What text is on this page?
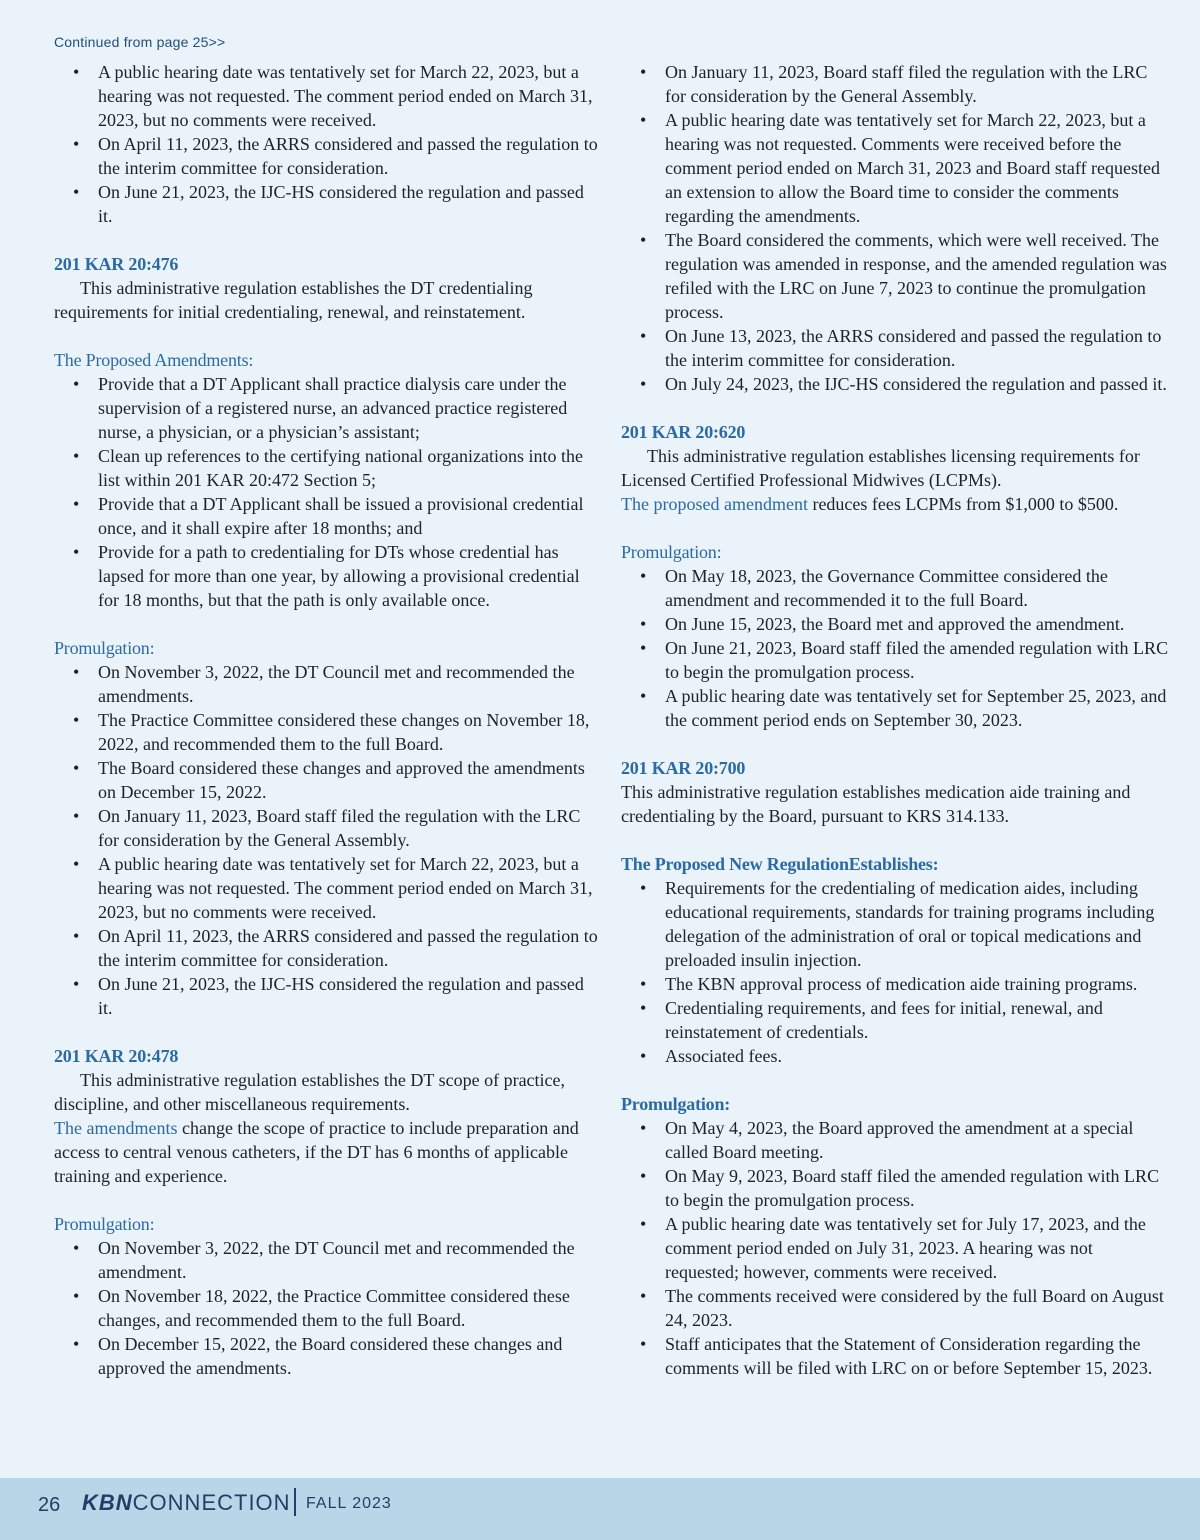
Continued from page 25>>
• A public hearing date was tentatively set for March 22, 2023, but a hearing was not requested. The comment period ended on March 31, 2023, but no comments were received.
• On April 11, 2023, the ARRS considered and passed the regulation to the interim committee for consideration.
• On June 21, 2023, the IJC-HS considered the regulation and passed it.

201 KAR 20:476

This administrative regulation establishes the DT credentialing requirements for initial credentialing, renewal, and reinstatement.

The Proposed Amendments:

• Provide that a DT Applicant shall practice dialysis care under the supervision of a registered nurse, an advanced practice registered nurse, a physician, or a physician’s assistant;
• Clean up references to the certifying national organizations into the list within 201 KAR 20:472 Section 5;
• Provide that a DT Applicant shall be issued a provisional credential once, and it shall expire after 18 months; and
• Provide for a path to credentialing for DTs whose credential has lapsed for more than one year, by allowing a provisional credential for 18 months, but that the path is only available once.

Promulgation:

• On November 3, 2022, the DT Council met and recommended the amendments.
• The Practice Committee considered these changes on November 18, 2022, and recommended them to the full Board.
• The Board considered these changes and approved the amendments on December 15, 2022.
• On January 11, 2023, Board staff filed the regulation with the LRC for consideration by the General Assembly.
• A public hearing date was tentatively set for March 22, 2023, but a hearing was not requested. The comment period ended on March 31, 2023, but no comments were received.
• On April 11, 2023, the ARRS considered and passed the regulation to the interim committee for consideration.
• On June 21, 2023, the IJC-HS considered the regulation and passed it.

201 KAR 20:478

This administrative regulation establishes the DT scope of practice, discipline, and other miscellaneous requirements.

The amendments change the scope of practice to include preparation and access to central venous catheters, if the DT has 6 months of applicable training and experience.

Promulgation:

• On November 3, 2022, the DT Council met and recommended the amendment.
• On November 18, 2022, the Practice Committee considered these changes, and recommended them to the full Board.
• On December 15, 2022, the Board considered these changes and approved the amendments.
• On January 11, 2023, Board staff filed the regulation with the LRC for consideration by the General Assembly.
• A public hearing date was tentatively set for March 22, 2023, but a hearing was not requested. Comments were received before the comment period ended on March 31, 2023 and Board staff requested an extension to allow the Board time to consider the comments regarding the amendments.
• The Board considered the comments, which were well received. The regulation was amended in response, and the amended regulation was refiled with the LRC on June 7, 2023 to continue the promulgation process.
• On June 13, 2023, the ARRS considered and passed the regulation to the interim committee for consideration.
• On July 24, 2023, the IJC-HS considered the regulation and passed it.

201 KAR 20:620

This administrative regulation establishes licensing requirements for Licensed Certified Professional Midwives (LCPMs).

The proposed amendment reduces fees LCPMs from $1,000 to $500.

Promulgation:

• On May 18, 2023, the Governance Committee considered the amendment and recommended it to the full Board.
• On June 15, 2023, the Board met and approved the amendment.
• On June 21, 2023, Board staff filed the amended regulation with LRC to begin the promulgation process.
• A public hearing date was tentatively set for September 25, 2023, and the comment period ends on September 30, 2023.

201 KAR 20:700

This administrative regulation establishes medication aide training and credentialing by the Board, pursuant to KRS 314.133.

The Proposed New RegulationEstablishes:

• Requirements for the credentialing of medication aides, including educational requirements, standards for training programs including delegation of the administration of oral or topical medications and preloaded insulin injection.
• The KBN approval process of medication aide training programs.
• Credentialing requirements, and fees for initial, renewal, and reinstatement of credentials.
• Associated fees.

Promulgation:

• On May 4, 2023, the Board approved the amendment at a special called Board meeting.
• On May 9, 2023, Board staff filed the amended regulation with LRC to begin the promulgation process.
• A public hearing date was tentatively set for July 17, 2023, and the comment period ended on July 31, 2023. A hearing was not requested; however, comments were received.
• The comments received were considered by the full Board on August 24, 2023.
• Staff anticipates that the Statement of Consideration regarding the comments will be filed with LRC on or before September 15, 2023.
26 KBNCONNECTION FALL 2023
